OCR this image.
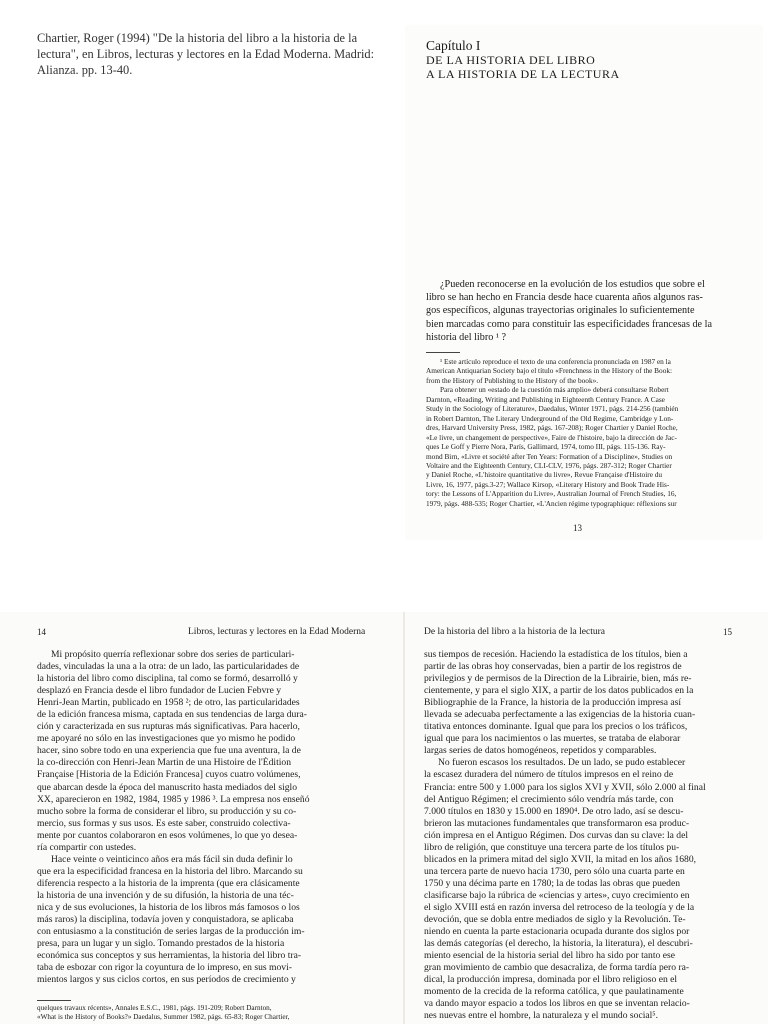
Chartier, Roger (1994) "De la historia del libro a la historia de la lectura", en Libros, lecturas y lectores en la Edad Moderna. Madrid: Alianza. pp. 13-40.
Capítulo I
DE LA HISTORIA DEL LIBRO
A LA HISTORIA DE LA LECTURA
¿Pueden reconocerse en la evolución de los estudios que sobre el
libro se han hecho en Francia desde hace cuarenta años algunos ras-
gos específicos, algunas trayectorias originales lo suficientemente
bien marcadas como para constituir las especificidades francesas de la
historia del libro ¹ ?
¹ Este artículo reproduce el texto de una conferencia pronunciada en 1987 en la
American Antiquarian Society bajo el título «Frenchness in the History of the Book:
from the History of Publishing to the History of the book».
Para obtener un «estado de la cuestión más amplio» deberá consultarse Robert
Darnton, «Reading, Writing and Publishing in Eighteenth Century France. A Case
Study in the Sociology of Literature», Daedalus, Winter 1971, págs. 214-256 (también
in Robert Darnton, The Literary Underground of the Old Regime, Cambridge y Lon-
dres, Harvard University Press, 1982, págs. 167-208); Roger Chartier y Daniel Roche,
«Le livre, un changement de perspective», Faire de l'histoire, bajo la dirección de Jac-
ques Le Goff y Pierre Nora, París, Gallimard, 1974, tomo III, págs. 115-136. Ray-
mond Birn, «Livre et société after Ten Years: Formation of a Discipline», Studies on
Voltaire and the Eighteenth Century, CLI-CLV, 1976, págs. 287-312; Roger Chartier
y Daniel Roche, «L'histoire quantitative du livre», Revue Française d'Histoire du
Livre, 16, 1977, págs.3-27; Wallace Kirsop, «Literary History and Book Trade His-
tory: the Lessons of L'Apparition du Livre», Australian Journal of French Studies, 16,
1979, págs. 488-535; Roger Chartier, «L'Ancien régime typographique: réflexions sur
13
14	Libros, lecturas y lectores en la Edad Moderna
Mi propósito querría reflexionar sobre dos series de particulari-
dades, vinculadas la una a la otra: de un lado, las particularidades de
la historia del libro como disciplina, tal como se formó, desarrolló y
desplazó en Francia desde el libro fundador de Lucien Febvre y
Henri-Jean Martin, publicado en 1958 ²; de otro, las particularidades
de la edición francesa misma, captada en sus tendencias de larga dura-
ción y caracterizada en sus rupturas más significativas. Para hacerlo,
me apoyaré no sólo en las investigaciones que yo mismo he podido
hacer, sino sobre todo en una experiencia que fue una aventura, la de
la co-dirección con Henri-Jean Martin de una Histoire de l'Édition
Française [Historia de la Edición Francesa] cuyos cuatro volúmenes,
que abarcan desde la época del manuscrito hasta mediados del siglo
XX, aparecieron en 1982, 1984, 1985 y 1986 ³. La empresa nos enseñó
mucho sobre la forma de considerar el libro, su producción y su co-
mercio, sus formas y sus usos. Es este saber, construido colectiva-
mente por cuantos colaboraron en esos volúmenes, lo que yo desea-
ría compartir con ustedes.
Hace veinte o veinticinco años era más fácil sin duda definir lo
que era la especificidad francesa en la historia del libro. Marcando su
diferencia respecto a la historia de la imprenta (que era clásicamente
la historia de una invención y de su difusión, la historia de una téc-
nica y de sus evoluciones, la historia de los libros más famosos o los
más raros) la disciplina, todavía joven y conquistadora, se aplicaba
con entusiasmo a la constitución de series largas de la producción im-
presa, para un lugar y un siglo. Tomando prestados de la historia
económica sus conceptos y sus herramientas, la historia del libro tra-
taba de esbozar con rigor la coyuntura de lo impreso, en sus movi-
mientos largos y sus ciclos cortos, en sus períodos de crecimiento y
quelques travaux récents», Annales E.S.C., 1981, págs. 191-209; Robert Darnton,
«What is the History of Books?» Daedalus, Summer 1982, págs. 65-83; Roger Chartier,
De la historia del libro a la historia de la lectura	15
sus tiempos de recesión. Haciendo la estadística de los títulos, bien a
partir de las obras hoy conservadas, bien a partir de los registros de
privilegios y de permisos de la Direction de la Librairie, bien, más re-
cientemente, y para el siglo XIX, a partir de los datos publicados en la
Bibliographie de la France, la historia de la producción impresa así
llevada se adecuaba perfectamente a las exigencias de la historia cuan-
titativa entonces dominante. Igual que para los precios o los tráficos,
igual que para los nacimientos o las muertes, se trataba de elaborar
largas series de datos homogéneos, repetidos y comparables.
No fueron escasos los resultados. De un lado, se pudo establecer
la escasez duradera del número de títulos impresos en el reino de
Francia: entre 500 y 1.000 para los siglos XVI y XVII, sólo 2.000 al final
del Antiguo Régimen; el crecimiento sólo vendría más tarde, con
7.000 títulos en 1830 y 15.000 en 1890⁴. De otro lado, así se descu-
brieron las mutaciones fundamentales que transformaron esa produc-
ción impresa en el Antiguo Régimen. Dos curvas dan su clave: la del
libro de religión, que constituye una tercera parte de los títulos pu-
blicados en la primera mitad del siglo XVII, la mitad en los años 1680,
una tercera parte de nuevo hacia 1730, pero sólo una cuarta parte en
1750 y una décima parte en 1780; la de todas las obras que pueden
clasificarse bajo la rúbrica de «ciencias y artes», cuyo crecimiento en
el siglo XVIII está en razón inversa del retroceso de la teología y de la
devoción, que se dobla entre mediados de siglo y la Revolución. Te-
niendo en cuenta la parte estacionaria ocupada durante dos siglos por
las demás categorías (el derecho, la historia, la literatura), el descubri-
miento esencial de la historia serial del libro ha sido por tanto ese
gran movimiento de cambio que desacraliza, de forma tardía pero ra-
dical, la producción impresa, dominada por el libro religioso en el
momento de la crecida de la reforma católica, y que paulatinamente
va dando mayor espacio a todos los libros en que se inventan relacio-
nes nuevas entre el hombre, la naturaleza y el mundo social⁵.
